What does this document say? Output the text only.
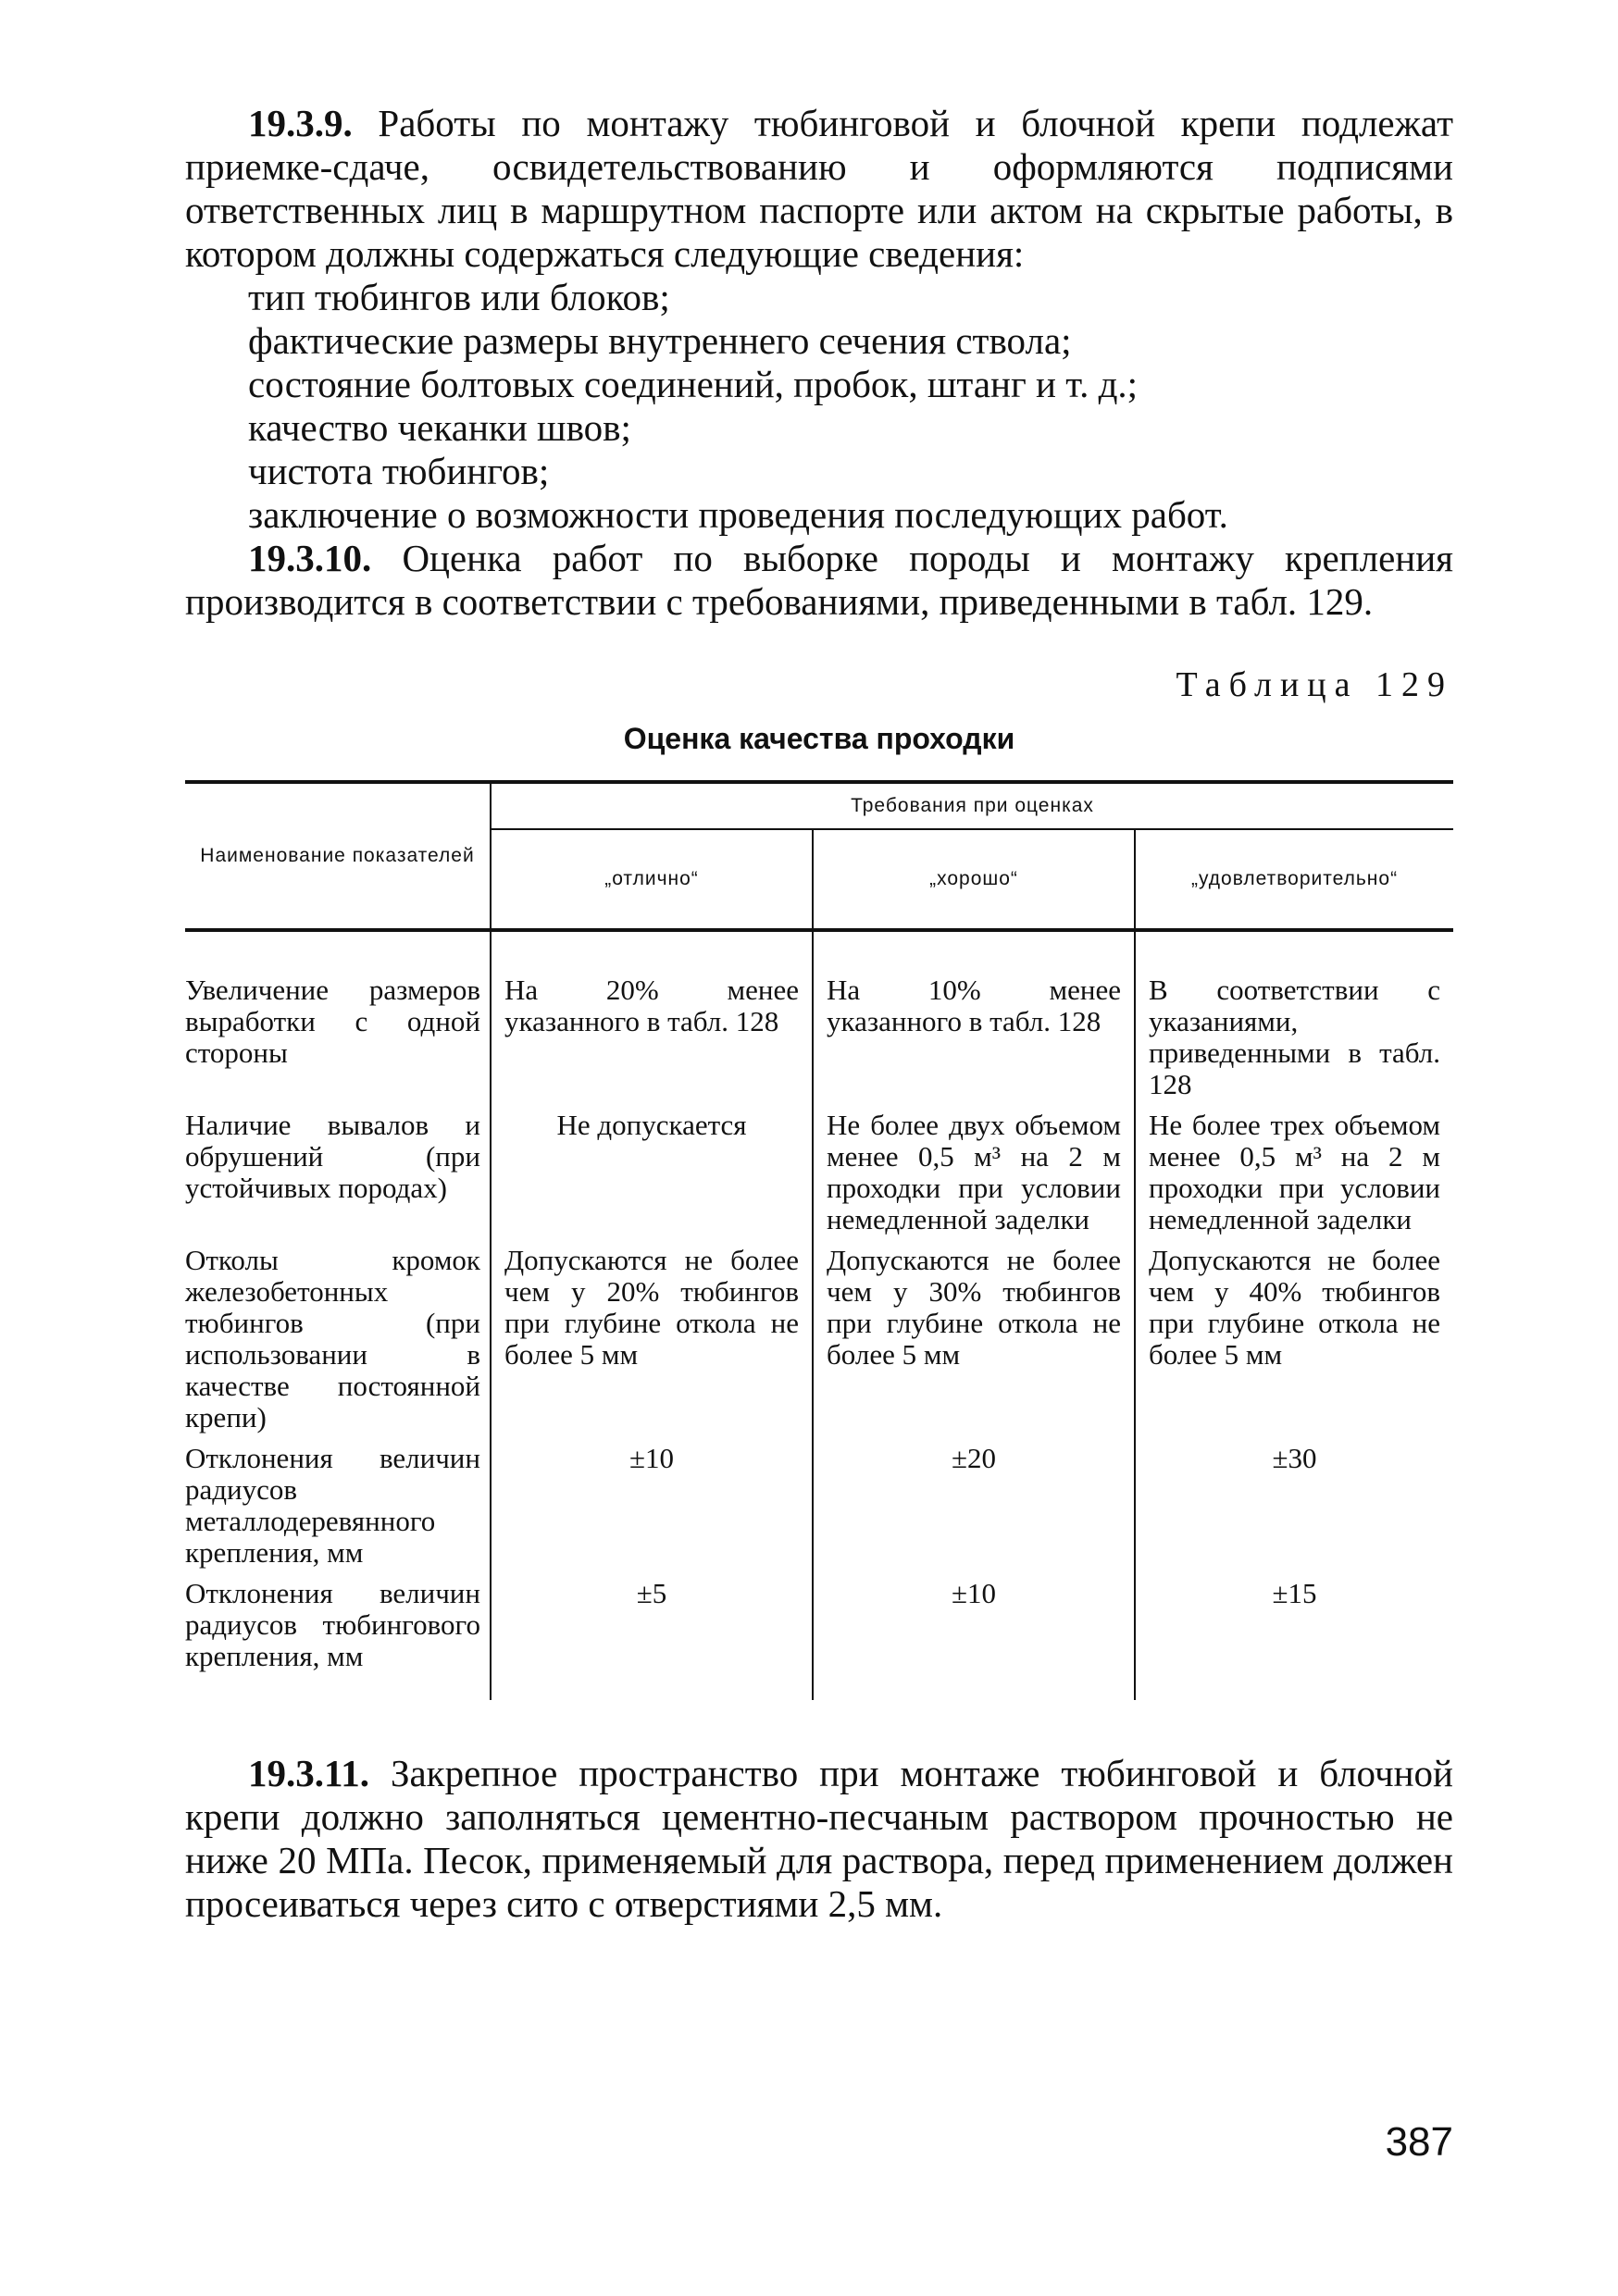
19.3.9. Работы по монтажу тюбинговой и блочной крепи подлежат приемке-сдаче, освидетельствованию и оформляются подписями ответственных лиц в маршрутном паспорте или актом на скрытые работы, в котором должны содержаться следующие сведения:

тип тюбингов или блоков;

фактические размеры внутреннего сечения ствола;

состояние болтовых соединений, пробок, штанг и т. д.;

качество чеканки швов;

чистота тюбингов;

заключение о возможности проведения последующих работ.

19.3.10. Оценка работ по выборке породы и монтажу крепления производится в соответствии с требованиями, приведенными в табл. 129.

Таблица 129

Оценка качества проходки

Наименование показателей	Требования при оценках		
	„отлично“	„хорошо“	„удовлетворительно“

Увеличение размеров выработки с одной стороны	На 20% менее указанного в табл. 128	На 10% менее указанного в табл. 128	В соответствии с указаниями, приведенными в табл. 128
Наличие вывалов и обрушений (при устойчивых породах)	Не допускается	Не более двух объемом менее 0,5 м³ на 2 м проходки при условии немедленной заделки	Не более трех объемом менее 0,5 м³ на 2 м проходки при условии немедленной заделки
Отколы кромок железобетонных тюбингов (при использовании в качестве постоянной крепи)	Допускаются не более чем у 20% тюбингов при глубине откола не более 5 мм	Допускаются не более чем у 30% тюбингов при глубине откола не более 5 мм	Допускаются не более чем у 40% тюбингов при глубине откола не более 5 мм
Отклонения величин радиусов металлодеревянного крепления, мм	±10	±20	±30
Отклонения величин радиусов тюбингового крепления, мм	±5	±10	±15

19.3.11. Закрепное пространство при монтаже тюбинговой и блочной крепи должно заполняться цементно-песчаным раствором прочностью не ниже 20 МПа. Песок, применяемый для раствора, перед применением должен просеиваться через сито с отверстиями 2,5 мм.

387
